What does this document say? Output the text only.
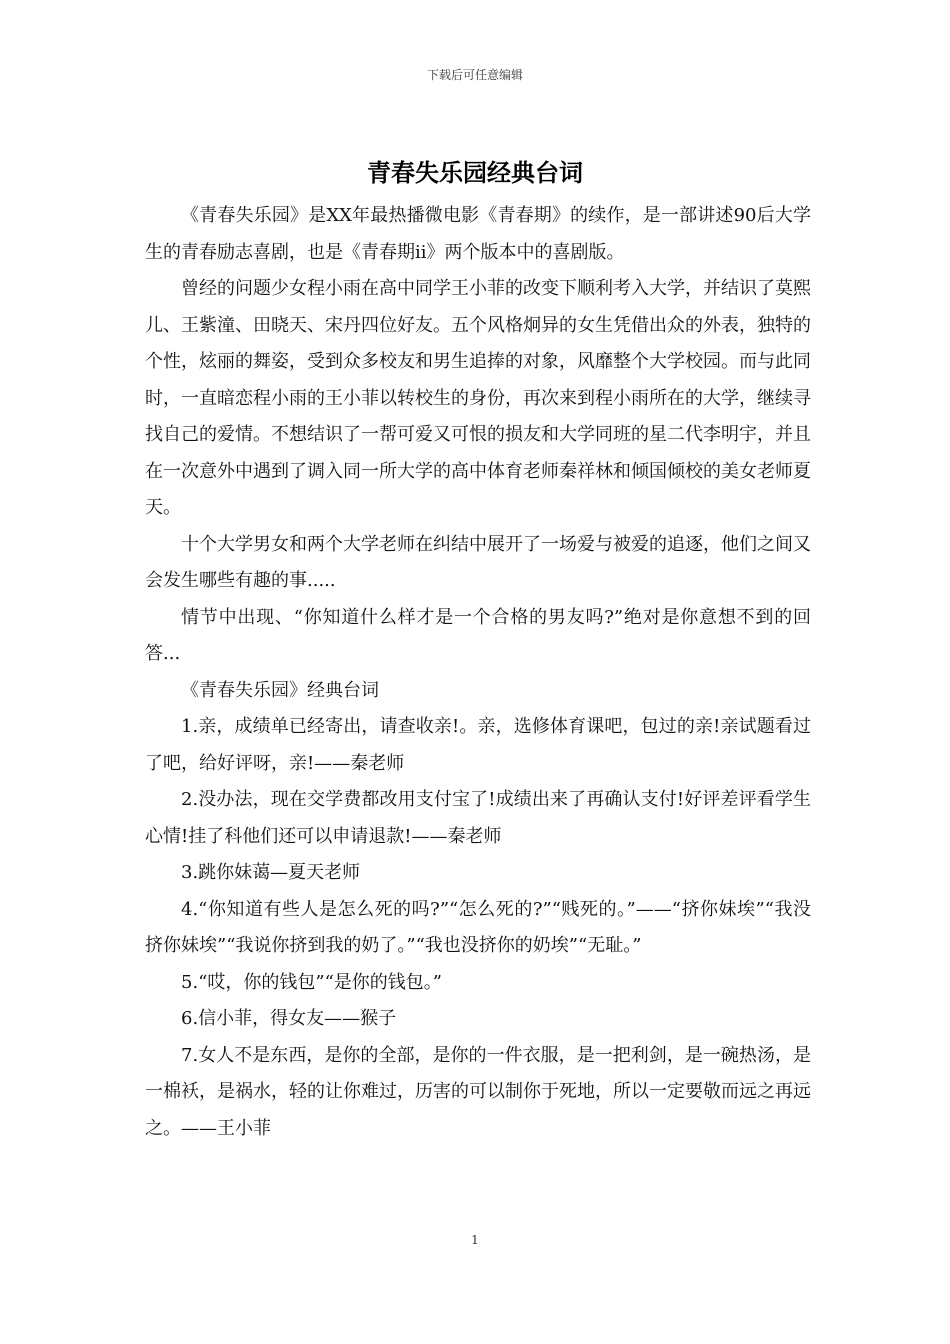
下载后可任意编辑
青春失乐园经典台词

《青春失乐园》是XX年最热播微电影《青春期》的续作，是一部讲述90后大学生的青春励志喜剧，也是《青春期ii》两个版本中的喜剧版。

曾经的问题少女程小雨在高中同学王小菲的改变下顺利考入大学，并结识了莫熙儿、王紫潼、田晓天、宋丹四位好友。五个风格炯异的女生凭借出众的外表，独特的个性，炫丽的舞姿，受到众多校友和男生追捧的对象，风靡整个大学校园。而与此同时，一直暗恋程小雨的王小菲以转校生的身份，再次来到程小雨所在的大学，继续寻找自己的爱情。不想结识了一帮可爱又可恨的损友和大学同班的星二代李明宇，并且在一次意外中遇到了调入同一所大学的高中体育老师秦祥林和倾国倾校的美女老师夏天。

十个大学男女和两个大学老师在纠结中展开了一场爱与被爱的追逐，他们之间又会发生哪些有趣的事.....

情节中出现、“你知道什么样才是一个合格的男友吗?”绝对是你意想不到的回答...

《青春失乐园》经典台词

1.亲，成绩单已经寄出，请查收亲!。亲，选修体育课吧，包过的亲!亲试题看过了吧，给好评呀，亲!——秦老师

2.没办法，现在交学费都改用支付宝了!成绩出来了再确认支付!好评差评看学生心情!挂了科他们还可以申请退款!——秦老师

3.跳你妹蔼—夏天老师

4.“你知道有些人是怎么死的吗?”“怎么死的?”“贱死的。”——“挤你妹埃”“我没挤你妹埃”“我说你挤到我的奶了。”“我也没挤你的奶埃”“无耻。”

5.“哎，你的钱包”“是你的钱包。”

6.信小菲，得女友——猴子

7.女人不是东西，是你的全部，是你的一件衣服，是一把利剑，是一碗热汤，是一棉袄，是祸水，轻的让你难过，历害的可以制你于死地，所以一定要敬而远之再远之。——王小菲

1
